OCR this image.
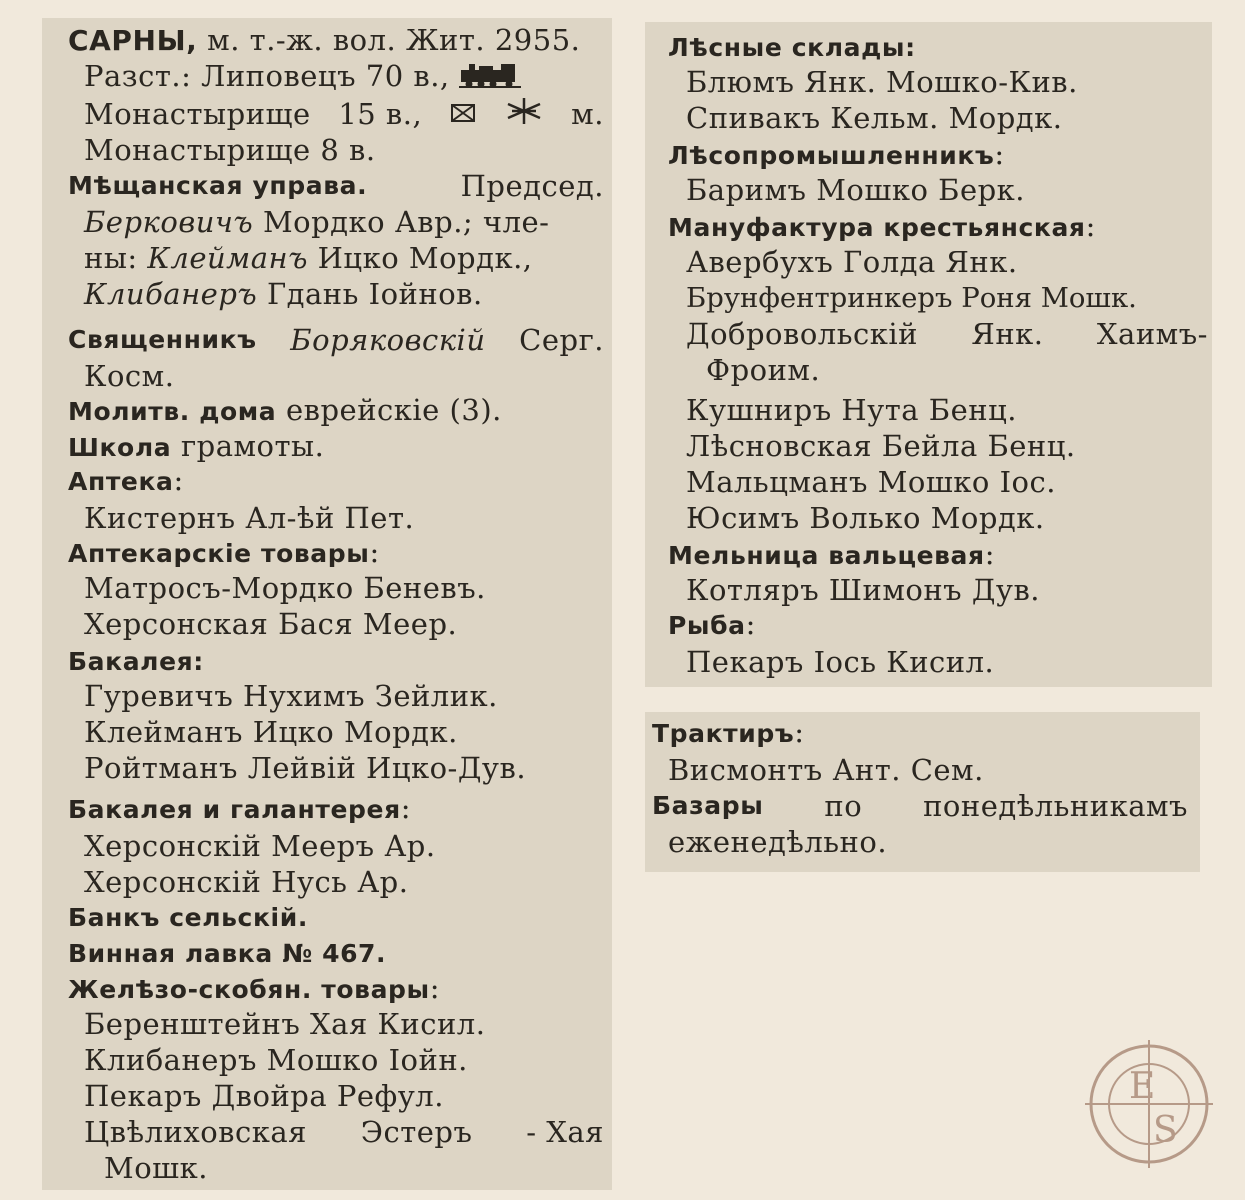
САРНЫ, м. т.-ж. вол. Жит. 2955.
Разст.: Липовецъ 70 в.,
Монастырище 15 в.,	м.
Монастырище 8 в.
Мѣщанская управа.	Председ.
Берковичъ Мордко Авр.; чле-
ны: Клейманъ Ицко Мордк.,
Клибанеръ Гдань Іойнов.
Священникъ Боряковскій Серг.
Косм.
Молитв. дома еврейскіе (3).
Школа грамоты.
Аптека:
Кистернъ Ал-ѣй Пет.
Аптекарскіе товары:
Матросъ-Мордко Беневъ.
Херсонская Бася Меер.
Бакалея:
Гуревичъ Нухимъ Зейлик.
Клейманъ Ицко Мордк.
Ройтманъ Лейвій Ицко-Дув.
Бакалея и галантерея:
Херсонскій Мееръ Ар.
Херсонскій Нусь Ар.
Банкъ сельскій.
Винная лавка № 467.
Желѣзо-скобян. товары:
Беренштейнъ Хая Кисил.
Клибанеръ Мошко Іойн.
Пекаръ Двойра Рефул.
Цвѣлиховская Эстеръ - Хая
Мошк.
Лѣсные склады:
Блюмъ Янк. Мошко-Кив.
Спивакъ Кельм. Мордк.
Лѣсопромышленникъ:
Баримъ Мошко Берк.
Мануфактура крестьянская:
Авербухъ Голда Янк.
Брунфентринкеръ Роня Мошк.
Добровольскій Янк. Хаимъ-
Фроим.
Кушниръ Нута Бенц.
Лѣсновская Бейла Бенц.
Мальцманъ Мошко Іос.
Юсимъ Волько Мордк.
Мельница вальцевая:
Котляръ Шимонъ Дув.
Рыба:
Пекаръ Іось Кисил.
Трактиръ:
Висмонтъ Ант. Сем.
Базары по понедѣльникамъ
еженедѣльно.
E
S
